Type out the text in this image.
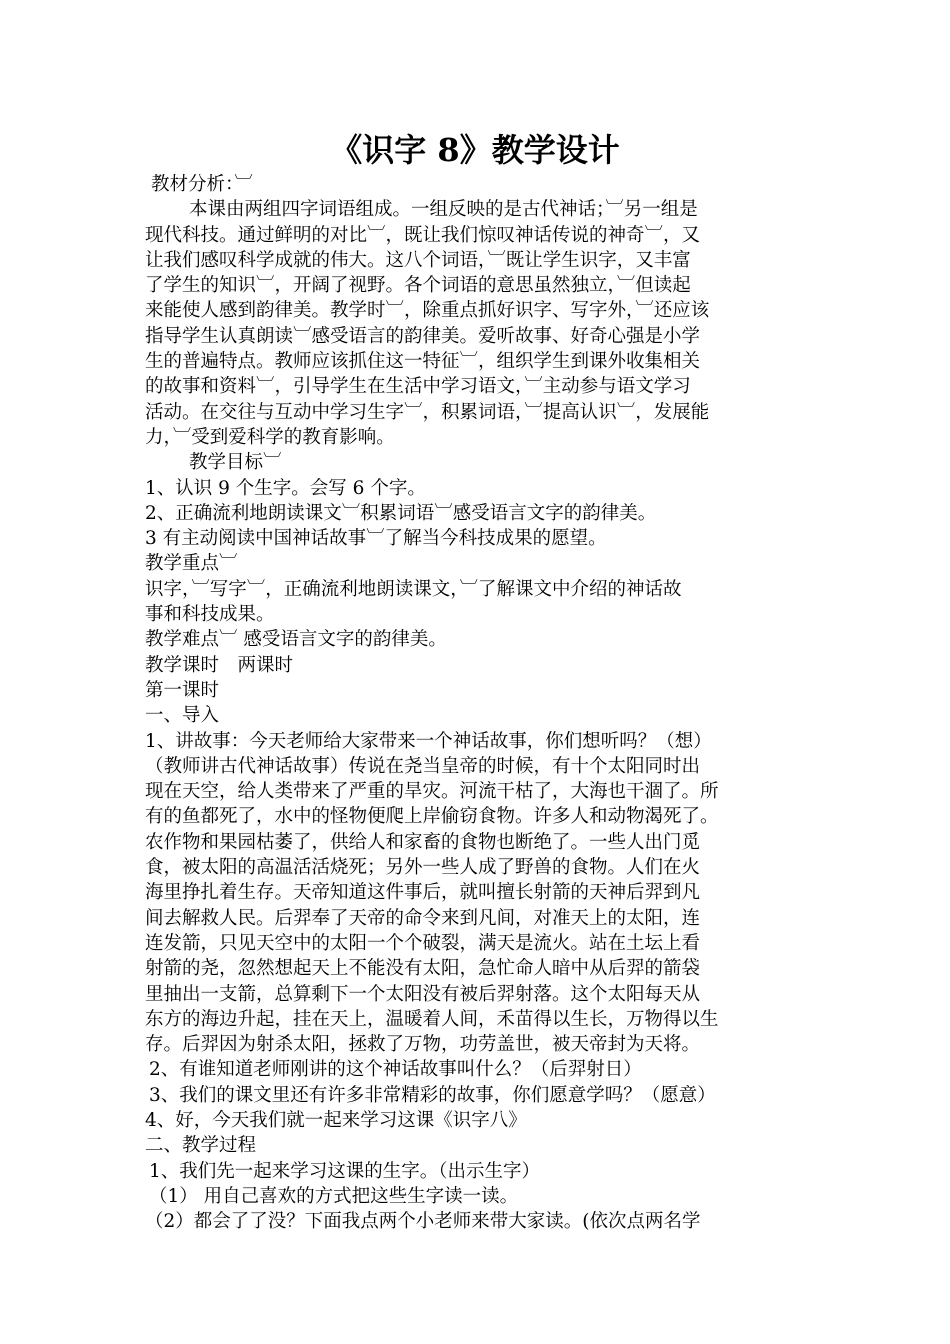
《识字 8》教学设计
教材分析：︺
本课由两组四字词语组成。一组反映的是古代神话；︺另一组是
现代科技。通过鲜明的对比︺，既让我们惊叹神话传说的神奇︺，又
让我们感叹科学成就的伟大。这八个词语，︺既让学生识字，又丰富
了学生的知识︺，开阔了视野。各个词语的意思虽然独立，︺但读起
来能使人感到韵律美。教学时︺，除重点抓好识字、写字外，︺还应该
指导学生认真朗读︺感受语言的韵律美。爱听故事、好奇心强是小学
生的普遍特点。教师应该抓住这一特征︺，组织学生到课外收集相关
的故事和资料︺，引导学生在生活中学习语文，︺主动参与语文学习
活动。在交往与互动中学习生字︺，积累词语，︺提高认识︺，发展能
力，︺受到爱科学的教育影响。
教学目标︺
1、认识 9 个生字。会写 6 个字。
2、正确流利地朗读课文︺积累词语︺感受语言文字的韵律美。
3 有主动阅读中国神话故事︺了解当今科技成果的愿望。
教学重点︺
识字，︺写字︺，正确流利地朗读课文，︺了解课文中介绍的神话故
事和科技成果。
教学难点︺ 感受语言文字的韵律美。
教学课时　两课时
第一课时
一、导入
1、讲故事：今天老师给大家带来一个神话故事，你们想听吗？（想）
（教师讲古代神话故事）传说在尧当皇帝的时候，有十个太阳同时出
现在天空，给人类带来了严重的旱灾。河流干枯了，大海也干涸了。所
有的鱼都死了，水中的怪物便爬上岸偷窃食物。许多人和动物渴死了。
农作物和果园枯萎了，供给人和家畜的食物也断绝了。一些人出门觅
食，被太阳的高温活活烧死；另外一些人成了野兽的食物。人们在火
海里挣扎着生存。天帝知道这件事后，就叫擅长射箭的天神后羿到凡
间去解救人民。后羿奉了天帝的命令来到凡间，对准天上的太阳，连
连发箭，只见天空中的太阳一个个破裂，满天是流火。站在土坛上看
射箭的尧，忽然想起天上不能没有太阳，急忙命人暗中从后羿的箭袋
里抽出一支箭，总算剩下一个太阳没有被后羿射落。这个太阳每天从
东方的海边升起，挂在天上，温暖着人间，禾苗得以生长，万物得以生
存。后羿因为射杀太阳，拯救了万物，功劳盖世，被天帝封为天将。
2、有谁知道老师刚讲的这个神话故事叫什么？（后羿射日）
3、我们的课文里还有许多非常精彩的故事，你们愿意学吗？（愿意）
4、好，今天我们就一起来学习这课《识字八》
二、教学过程
1、我们先一起来学习这课的生字。（出示生字）
（1） 用自己喜欢的方式把这些生字读一读。
（2）都会了了没？下面我点两个小老师来带大家读。(依次点两名学
